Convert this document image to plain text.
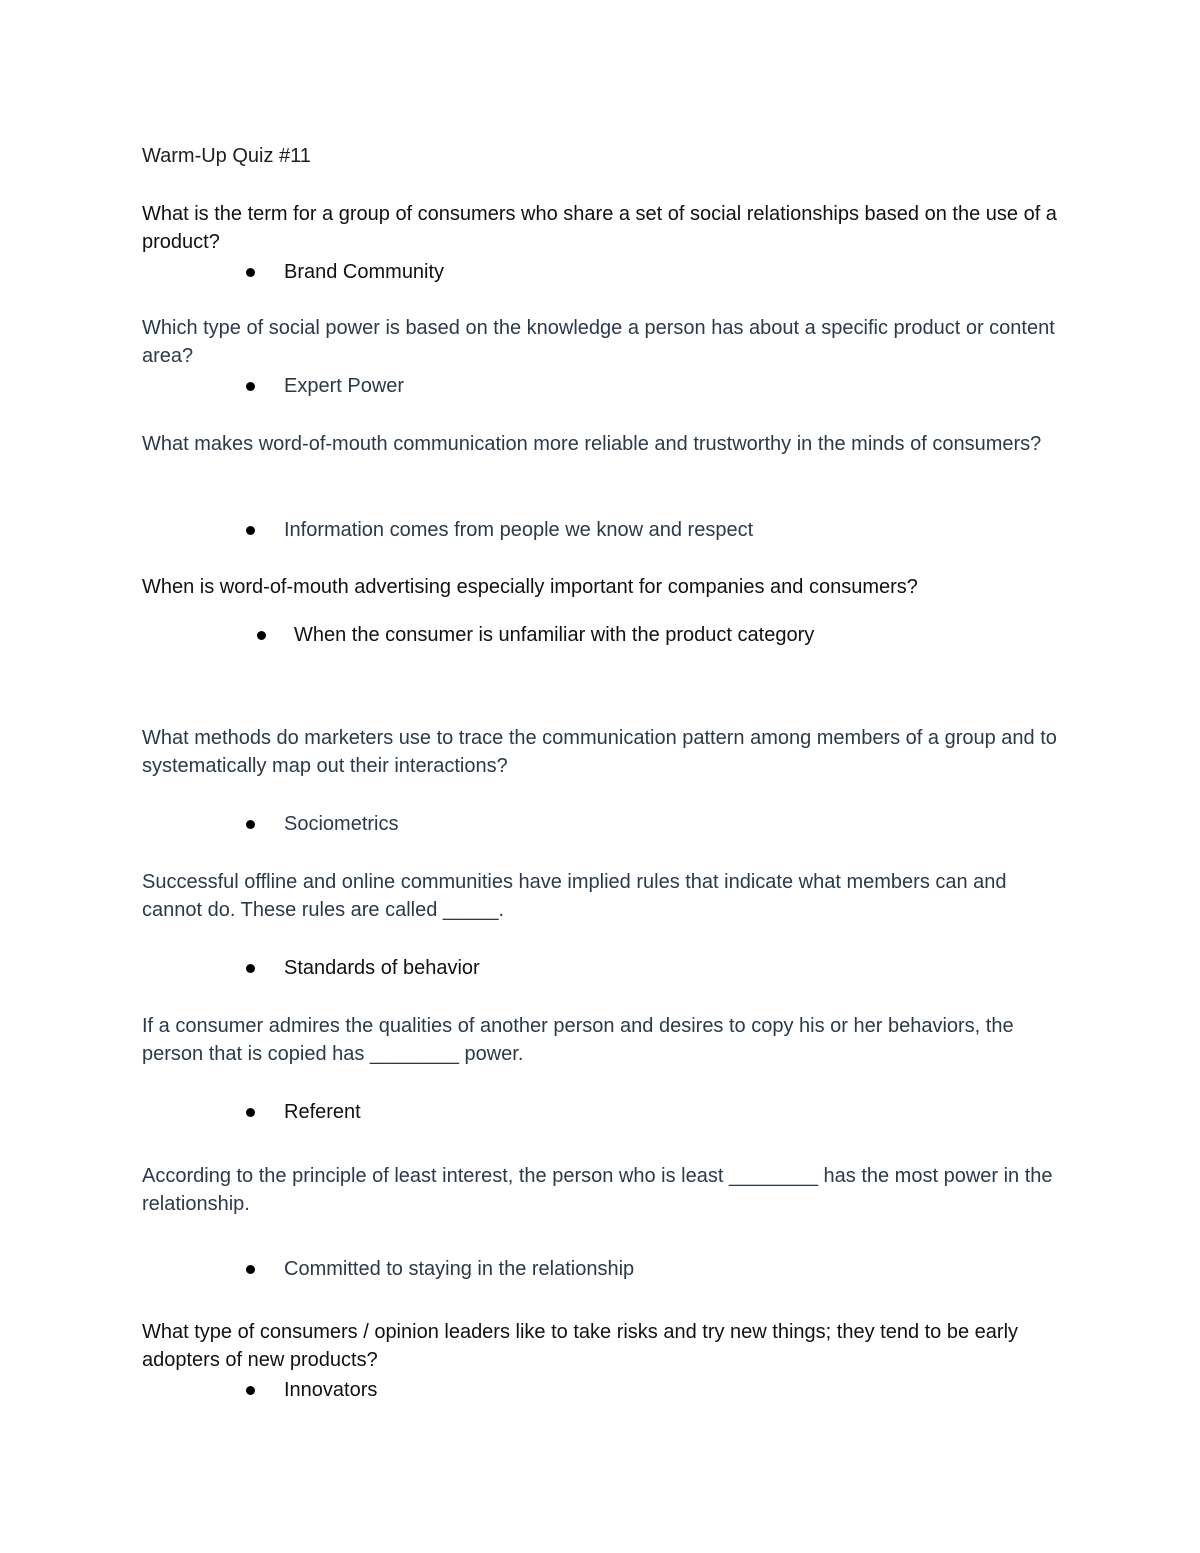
Warm-Up Quiz #11
What is the term for a group of consumers who share a set of social relationships based on the use of a product?
Brand Community
Which type of social power is based on the knowledge a person has about a specific product or content area?
Expert Power
What makes word-of-mouth communication more reliable and trustworthy in the minds of consumers?
Information comes from people we know and respect
When is word-of-mouth advertising especially important for companies and consumers?
When the consumer is unfamiliar with the product category
What methods do marketers use to trace the communication pattern among members of a group and to systematically map out their interactions?
Sociometrics
Successful offline and online communities have implied rules that indicate what members can and cannot do. These rules are called _____.
Standards of behavior
If a consumer admires the qualities of another person and desires to copy his or her behaviors, the person that is copied has ________ power.
Referent
According to the principle of least interest, the person who is least ________ has the most power in the relationship.
Committed to staying in the relationship
What type of consumers / opinion leaders like to take risks and try new things; they tend to be early adopters of new products?
Innovators
